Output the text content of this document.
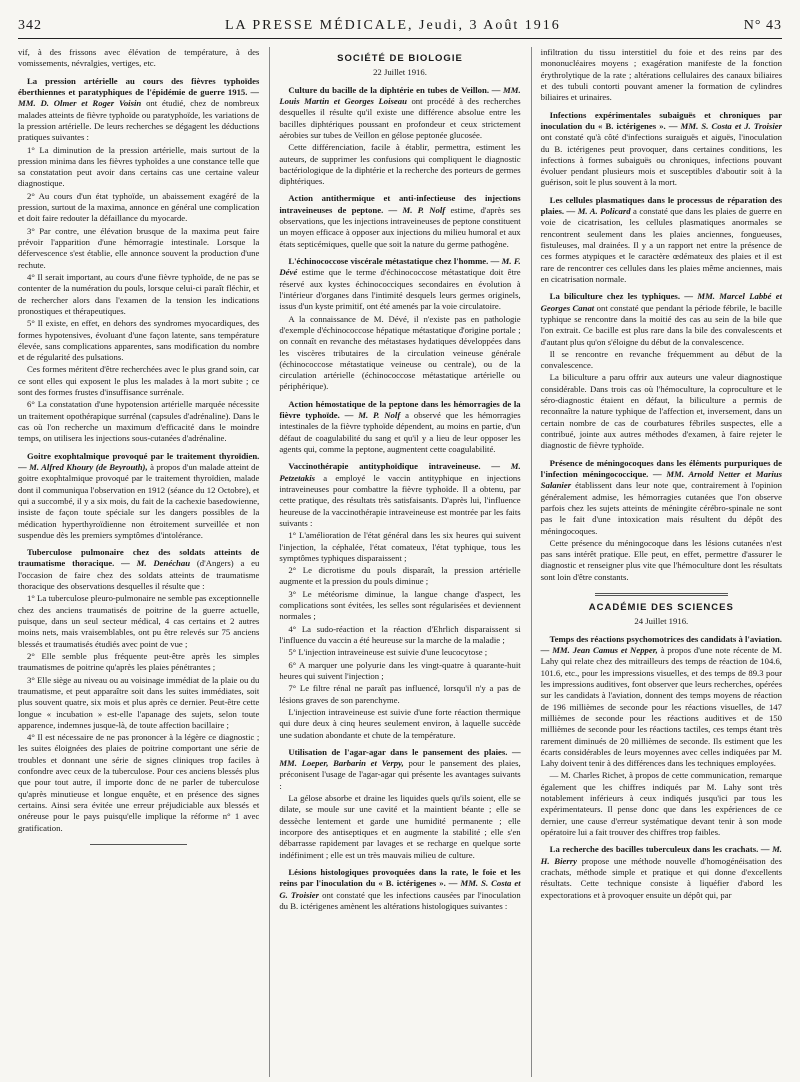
342	LA PRESSE MÉDICALE, Jeudi, 3 Août 1916	N° 43

vif, à des frissons avec élévation de température, à des vomissements, névralgies, vertiges, etc.

La pression artérielle au cours des fièvres typhoïdes éberthiennes et paratyphiques de l'épidémie de guerre 1915. — MM. D. Olmer et Roger Voisin ont étudié, chez de nombreux malades atteints de fièvre typhoïde ou paratyphoïde, les variations de la pression artérielle. De leurs recherches se dégagent les déductions pratiques suivantes :

1° La diminution de la pression artérielle, mais surtout de la pression minima dans les fièvres typhoïdes a une constance telle que sa constatation peut avoir dans certains cas une certaine valeur diagnostique.

2° Au cours d'un état typhoïde, un abaissement exagéré de la pression, surtout de la maxima, annonce en général une complication et doit faire redouter la défaillance du myocarde.

3° Par contre, une élévation brusque de la maxima peut faire prévoir l'apparition d'une hémorragie intestinale. Lorsque la défervescence s'est établie, elle annonce souvent la production d'une rechute.

4° Il serait important, au cours d'une fièvre typhoïde, de ne pas se contenter de la numération du pouls, lorsque celui-ci paraît fléchir, et de rechercher alors dans l'examen de la tension les indications pronostiques et thérapeutiques.

5° Il existe, en effet, en dehors des syndromes myocardiques, des formes hypotensives, évoluant d'une façon latente, sans température élevée, sans complications apparentes, sans modification du nombre et de régularité des pulsations.

Ces formes méritent d'être recherchées avec le plus grand soin, car ce sont elles qui exposent le plus les malades à la mort subite ; ce sont des formes frustes d'insuffisance surrénale.

6° La constatation d'une hypotension artérielle marquée nécessite un traitement opothérapique surrénal (capsules d'adrénaline). Dans le cas où l'on recherche un maximum d'efficacité dans le moindre temps, on utilisera les injections sous-cutanées d'adrénaline.

Goitre exophtalmique provoqué par le traitement thyroïdien. — M. Alfred Khoury (de Beyrouth), à propos d'un malade atteint de goitre exophtalmique provoqué par le traitement thyroïdien, malade dont il communiqua l'observation en 1912 (séance du 12 Octobre), et qui a succombé, il y a six mois, du fait de la cachexie basedowienne, insiste de façon toute spéciale sur les dangers possibles de la médication hyperthyroïdienne non étroitement surveillée et non suspendue dès les premiers symptômes d'intolérance.

Tuberculose pulmonaire chez des soldats atteints de traumatisme thoracique. — M. Denéchau (d'Angers) a eu l'occasion de faire chez des soldats atteints de traumatisme thoracique des observations desquelles il résulte que :

1° La tuberculose pleuro-pulmonaire ne semble pas exceptionnelle chez des anciens traumatisés de poitrine de la guerre actuelle, puisque, dans un seul secteur médical, 4 cas certains et 2 autres moins nets, mais vraisemblables, ont pu être relevés sur 75 anciens blessés et traumatisés étudiés avec point de vue ;

2° Elle semble plus fréquente peut-être après les simples traumatismes de poitrine qu'après les plaies pénétrantes ;

3° Elle siège au niveau ou au voisinage immédiat de la plaie ou du traumatisme, et peut apparaître soit dans les suites immédiates, soit plus souvent quatre, six mois et plus après ce dernier. Peut-être cette longue « incubation » est-elle l'apanage des sujets, selon toute apparence, indemnes jusque-là, de toute affection bacillaire ;

4° Il est nécessaire de ne pas prononcer à la légère ce diagnostic ; les suites éloignées des plaies de poitrine comportant une série de troubles et donnant une série de signes cliniques trop faciles à confondre avec ceux de la tuberculose. Pour ces anciens blessés plus que pour tout autre, il importe donc de ne parler de tuberculose qu'après minutieuse et longue enquête, et en présence des signes certains. Ainsi sera évitée une erreur préjudiciable aux blessés et onéreuse pour le pays puisqu'elle implique la réforme n° 1 avec gratification.

SOCIÉTÉ DE BIOLOGIE
22 Juillet 1916.

Culture du bacille de la diphtérie en tubes de Veillon. — MM. Louis Martin et Georges Loiseau ont procédé à des recherches desquelles il résulte qu'il existe une différence absolue entre les bacilles diphtériques poussant en profondeur et ceux strictement aérobies sur tubes de Veillon en gélose peptonée glucosée.

Cette différenciation, facile à établir, permettra, estiment les auteurs, de supprimer les confusions qui compliquent le diagnostic bactériologique de la diphtérie et la recherche des porteurs de germes diphtériques.

Action antithermique et anti-infectieuse des injections intraveineuses de peptone. — M. P. Nolf estime, d'après ses observations, que les injections intraveineuses de peptone constituent un moyen efficace à opposer aux injections du milieu humoral et aux états septicémiques, quelle que soit la nature du germe pathogène.

L'échinococcose viscérale métastatique chez l'homme. — M. F. Dévé estime que le terme d'échinococcose métastatique doit être réservé aux kystes échinococciques secondaires en évolution à l'intérieur d'organes dans l'intimité desquels leurs germes originels, issus d'un kyste primitif, ont été amenés par la voie circulatoire.

A la connaissance de M. Dévé, il n'existe pas en pathologie d'exemple d'échinococcose hépatique métastatique d'origine portale ; on connaît en revanche des métastases hydatiques développées dans les viscères tributaires de la circulation veineuse générale (échinococcose métastatique veineuse ou centrale), ou de la circulation artérielle (échinococcose métastatique artérielle ou périphérique).

Action hémostatique de la peptone dans les hémorragies de la fièvre typhoïde. — M. P. Nolf a observé que les hémorragies intestinales de la fièvre typhoïde dépendent, au moins en partie, d'un défaut de coagulabilité du sang et qu'il y a lieu de leur opposer les agents qui, comme la peptone, augmentent cette coagulabilité.

Vaccinothérapie antityphoïdique intraveineuse. — M. Petzetakis a employé le vaccin antityphique en injections intraveineuses pour combattre la fièvre typhoïde. Il a obtenu, par cette pratique, des résultats très satisfaisants. D'après lui, l'influence heureuse de la vaccinothérapie intraveineuse est montrée par les faits suivants :

1° L'amélioration de l'état général dans les six heures qui suivent l'injection, la céphalée, l'état comateux, l'état typhique, tous les symptômes typhiques disparaissent ;

2° Le dicrotisme du pouls disparaît, la pression artérielle augmente et la pression du pouls diminue ;

3° Le météorisme diminue, la langue change d'aspect, les complications sont évitées, les selles sont régularisées et deviennent normales ;

4° La sudo-réaction et la réaction d'Ehrlich disparaissent si l'influence du vaccin a été heureuse sur la marche de la maladie ;

5° L'injection intraveineuse est suivie d'une leucocytose ;

6° A marquer une polyurie dans les vingt-quatre à quarante-huit heures qui suivent l'injection ;

7° Le filtre rénal ne paraît pas influencé, lorsqu'il n'y a pas de lésions graves de son parenchyme.

L'injection intraveineuse est suivie d'une forte réaction thermique qui dure deux à cinq heures seulement environ, à laquelle succède une sudation abondante et chute de la température.

Utilisation de l'agar-agar dans le pansement des plaies. — MM. Loeper, Barbarin et Verpy, pour le pansement des plaies, préconisent l'usage de l'agar-agar qui présente les avantages suivants :

La gélose absorbe et draine les liquides quels qu'ils soient, elle se dilate, se moule sur une cavité et la maintient béante ; elle se dessèche lentement et garde une humidité permanente ; elle incorpore des antiseptiques et en augmente la stabilité ; elle s'en débarrasse rapidement par lavages et se recharge en quelque sorte indéfiniment ; elle est un très mauvais milieu de culture.

Lésions histologiques provoquées dans la rate, le foie et les reins par l'inoculation du « B. ictérigenes ». — MM. S. Costa et G. Troisier ont constaté que les infections causées par l'inoculation du B. ictérigenes amènent les altérations histologiques suivantes :

infiltration du tissu interstitiel du foie et des reins par des mononucléaires moyens ; exagération manifeste de la fonction érythrolytique de la rate ; altérations cellulaires des canaux biliaires et des tubuli contorti pouvant amener la formation de cylindres biliaires et urinaires.

Infections expérimentales subaiguës et chroniques par inoculation du « B. ictérigenes ». — MM. S. Costa et J. Troisier ont constaté qu'à côté d'infections suraiguës et aiguës, l'inoculation du B. ictérigenes peut provoquer, dans certaines conditions, les infections à formes subaiguës ou chroniques, infections pouvant évoluer pendant plusieurs mois et susceptibles d'aboutir soit à la guérison, soit le plus souvent à la mort.

Les cellules plasmatiques dans le processus de réparation des plaies. — M. A. Policard a constaté que dans les plaies de guerre en voie de cicatrisation, les cellules plasmatiques anormales se rencontrent seulement dans les plaies anciennes, fongueuses, fistuleuses, mal drainées. Il y a un rapport net entre la présence de ces formes atypiques et le caractère œdémateux des plaies et il est rare de rencontrer ces cellules dans les plaies même anciennes, mais en cicatrisation normale.

La biliculture chez les typhiques. — MM. Marcel Labbé et Georges Canat ont constaté que pendant la période fébrile, le bacille typhique se rencontre dans la moitié des cas au sein de la bile que l'on extrait. Ce bacille est plus rare dans la bile des convalescents et d'autant plus qu'on s'éloigne du début de la convalescence.

Il se rencontre en revanche fréquemment au début de la convalescence.

La biliculture a paru offrir aux auteurs une valeur diagnostique considérable. Dans trois cas où l'hémoculture, la coproculture et le séro-diagnostic étaient en défaut, la biliculture a permis de reconnaître la nature typhique de l'affection et, inversement, dans un certain nombre de cas de courbatures fébriles suspectes, elle a contribué, jointe aux autres méthodes d'examen, à faire rejeter le diagnostic de fièvre typhoïde.

Présence de méningocoques dans les éléments purpuriques de l'infection méningococcique. — MM. Arnold Netter et Marius Salanier établissent dans leur note que, contrairement à l'opinion généralement admise, les hémorragies cutanées que l'on observe parfois chez les sujets atteints de méningite cérébro-spinale ne sont pas le fait d'une intoxication mais résultent du dépôt des méningocoques.

Cette présence du méningocoque dans les lésions cutanées n'est pas sans intérêt pratique. Elle peut, en effet, permettre d'assurer le diagnostic et renseigner plus vite que l'hémoculture dont les résultats sont loin d'être constants.

ACADÉMIE DES SCIENCES
24 Juillet 1916.

Temps des réactions psychomotrices des candidats à l'aviation. — MM. Jean Camus et Nepper, à propos d'une note récente de M. Lahy qui relate chez des mitrailleurs des temps de réaction de 104.6, 101.6, etc., pour les impressions visuelles, et des temps de 89.3 pour les impressions auditives, font observer que leurs recherches, opérées sur les candidats à l'aviation, donnent des temps moyens de réaction de 196 millièmes de seconde pour les réactions visuelles, de 147 millièmes de seconde pour les réactions auditives et de 150 millièmes de seconde pour les réactions tactiles, ces temps étant très rarement diminués de 20 millièmes de seconde. Ils estiment que les écarts considérables de leurs moyennes avec celles indiquées par M. Lahy doivent tenir à des différences dans les techniques employées.

— M. Charles Richet, à propos de cette communication, remarque également que les chiffres indiqués par M. Lahy sont très notablement inférieurs à ceux indiqués jusqu'ici par tous les expérimentateurs. Il pense donc que dans les expériences de ce dernier, une cause d'erreur systématique devant tenir à son mode opératoire lui a fait trouver des chiffres trop faibles.

La recherche des bacilles tuberculeux dans les crachats. — M. H. Bierry propose une méthode nouvelle d'homogénéisation des crachats, méthode simple et pratique et qui donne d'excellents résultats. Cette technique consiste à liquéfier d'abord les expectorations et à provoquer ensuite un dépôt qui, par
